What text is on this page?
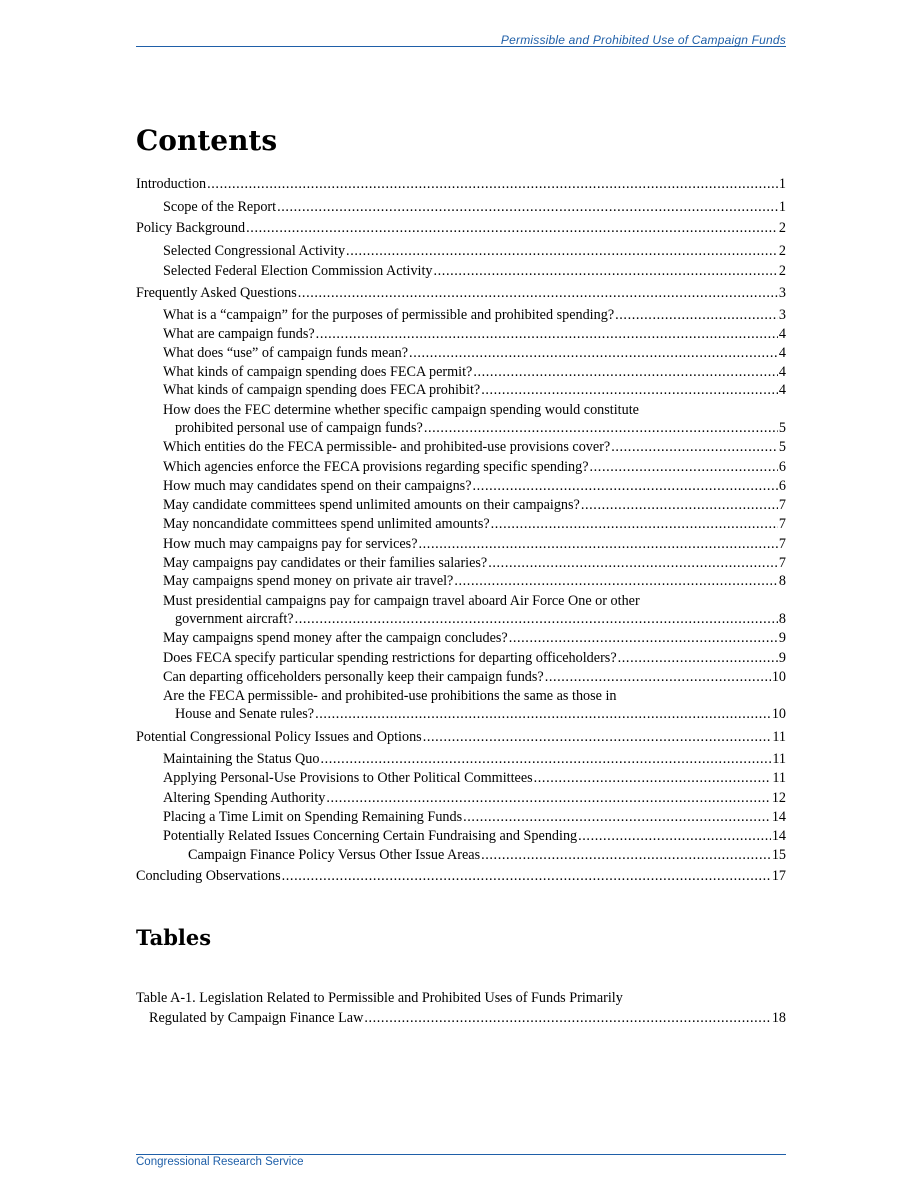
Permissible and Prohibited Use of Campaign Funds
Contents
Introduction .....	1
Scope of the Report .....	1
Policy Background .....	2
Selected Congressional Activity .....	2
Selected Federal Election Commission Activity .....	2
Frequently Asked Questions .....	3
What is a “campaign” for the purposes of permissible and prohibited spending? .....	3
What are campaign funds? .....	4
What does “use” of campaign funds mean? .....	4
What kinds of campaign spending does FECA permit? .....	4
What kinds of campaign spending does FECA prohibit? .....	4
How does the FEC determine whether specific campaign spending would constitute
prohibited personal use of campaign funds? .....	5
Which entities do the FECA permissible- and prohibited-use provisions cover? .....	5
Which agencies enforce the FECA provisions regarding specific spending? .....	6
How much may candidates spend on their campaigns? .....	6
May candidate committees spend unlimited amounts on their campaigns? .....	7
May noncandidate committees spend unlimited amounts? .....	7
How much may campaigns pay for services? .....	7
May campaigns pay candidates or their families salaries? .....	7
May campaigns spend money on private air travel? .....	8
Must presidential campaigns pay for campaign travel aboard Air Force One or other
government aircraft? .....	8
May campaigns spend money after the campaign concludes? .....	9
Does FECA specify particular spending restrictions for departing officeholders? .....	9
Can departing officeholders personally keep their campaign funds? .....	10
Are the FECA permissible- and prohibited-use prohibitions the same as those in
House and Senate rules? .....	10
Potential Congressional Policy Issues and Options .....	11
Maintaining the Status Quo .....	11
Applying Personal-Use Provisions to Other Political Committees .....	11
Altering Spending Authority .....	12
Placing a Time Limit on Spending Remaining Funds .....	14
Potentially Related Issues Concerning Certain Fundraising and Spending .....	14
Campaign Finance Policy Versus Other Issue Areas .....	15
Concluding Observations .....	17
Table A-1. Legislation Related to Permissible and Prohibited Uses of Funds Primarily
Regulated by Campaign Finance Law .....	18
Tables
Congressional Research Service
